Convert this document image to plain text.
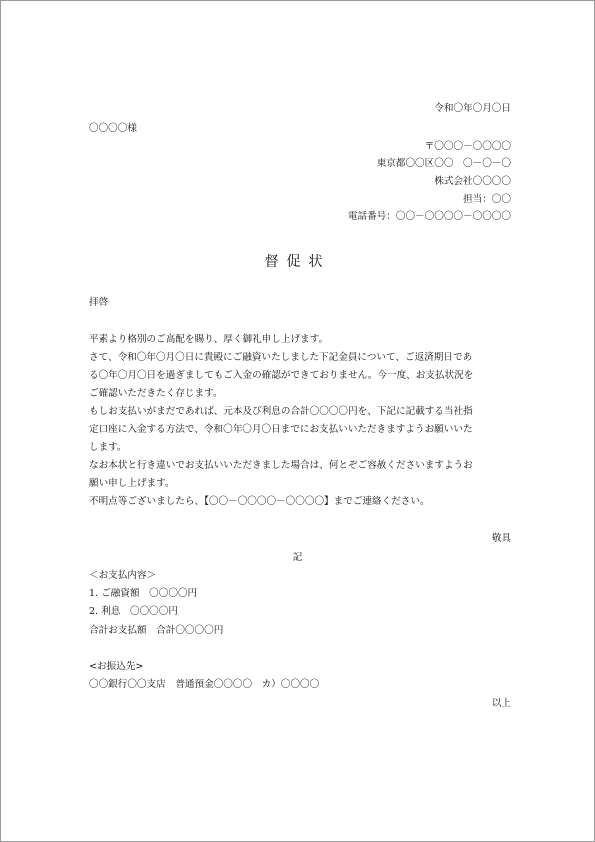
令和〇年〇月〇日
〇〇〇〇様
〒〇〇〇－〇〇〇〇
東京都〇〇区〇〇　〇－〇－〇
株式会社〇〇〇〇
担当：〇〇
電話番号：〇〇－〇〇〇〇－〇〇〇〇
督促状
拝啓
平素より格別のご高配を賜り、厚く御礼申し上げます。
さて、令和〇年〇月〇日に貴殿にご融資いたしました下記金員について、ご返済期日であ
る〇年〇月〇日を過ぎましてもご入金の確認ができておりません。今一度、お支払状況を
ご確認いただきたく存じます。
もしお支払いがまだであれば、元本及び利息の合計〇〇〇〇円を、下記に記載する当社指
定口座に入金する方法で、令和〇年〇月〇日までにお支払いいただきますようお願いいた
します。
なお本状と行き違いでお支払いいただきました場合は、何とぞご容赦くださいますようお
願い申し上げます。
不明点等ございましたら、【〇〇－〇〇〇〇－〇〇〇〇】までご連絡ください。
敬具
記
＜お支払内容＞
1. ご融資額　〇〇〇〇円
2. 利息　〇〇〇〇円
合計お支払額　合計〇〇〇〇円
<お振込先>
〇〇銀行〇〇支店　普通預金〇〇〇〇　カ）〇〇〇〇
以上
